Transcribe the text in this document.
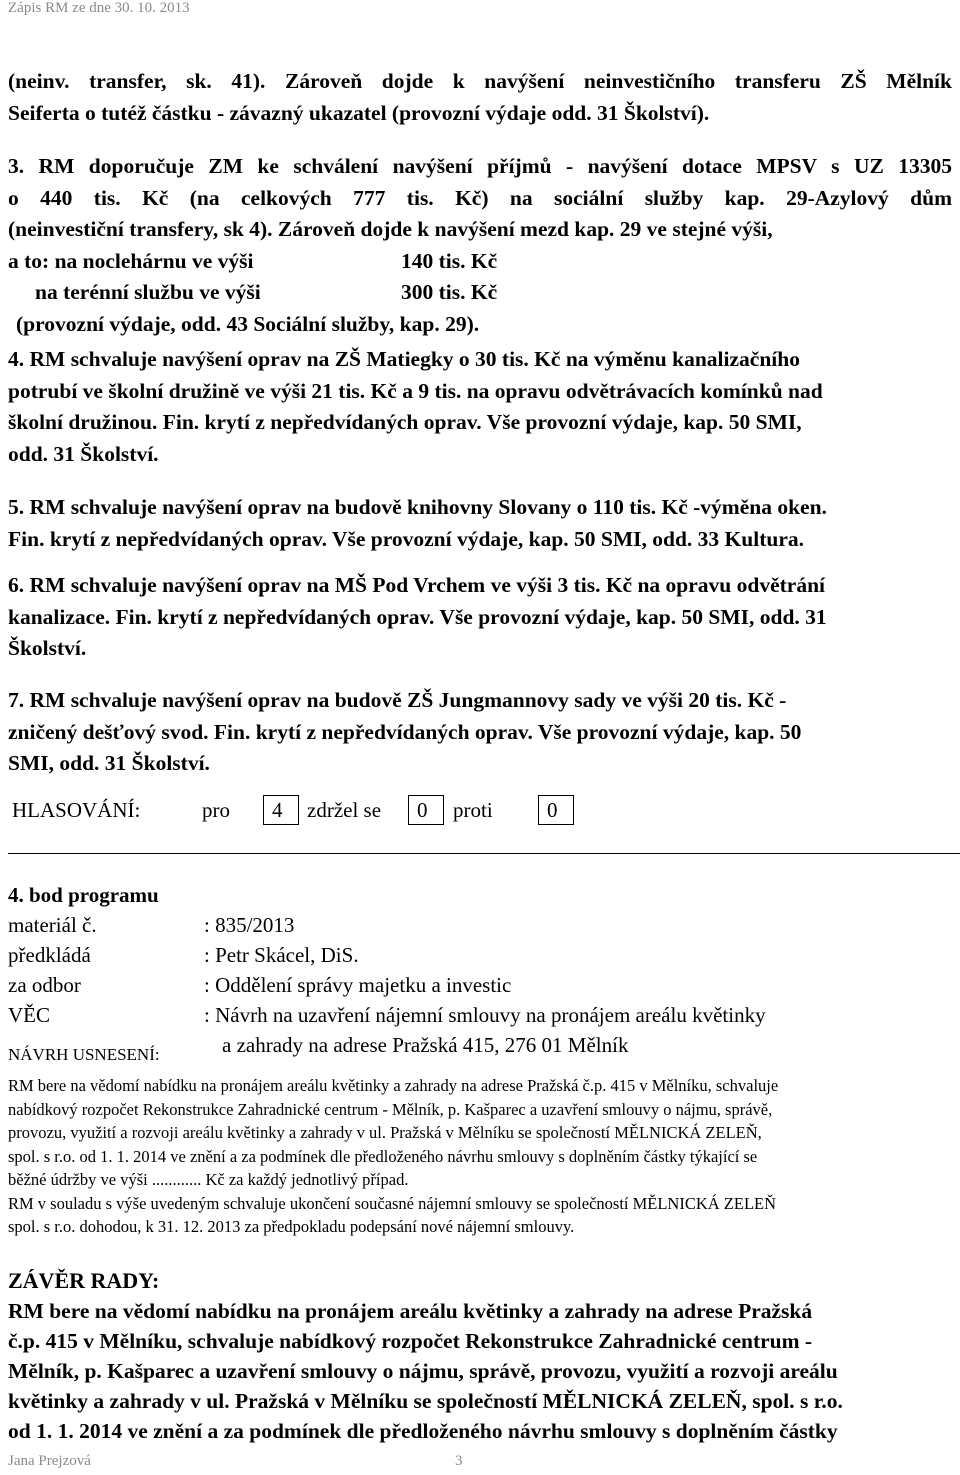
Zápis RM ze dne 30. 10. 2013
(neinv. transfer, sk. 41). Zároveň dojde k navýšení neinvestičního transferu ZŠ Mělník
Seiferta o tutéž částku - závazný ukazatel (provozní výdaje odd. 31 Školství).
3. RM doporučuje ZM ke schválení navýšení příjmů - navýšení dotace MPSV s UZ 13305
o 440 tis. Kč (na celkových 777 tis. Kč) na sociální služby kap. 29-Azylový dům
(neinvestiční transfery, sk 4). Zároveň dojde k navýšení mezd kap. 29 ve stejné výši,
a to: na noclehárnu ve výši	140 tis. Kč
na terénní službu ve výši	300 tis. Kč
(provozní výdaje, odd. 43 Sociální služby, kap. 29).
4. RM schvaluje navýšení oprav na ZŠ Matiegky o 30 tis. Kč na výměnu kanalizačního
potrubí ve školní družině ve výši 21 tis. Kč a 9 tis. na opravu odvětrávacích komínků nad
školní družinou. Fin. krytí z nepředvídaných oprav. Vše provozní výdaje, kap. 50 SMI,
odd. 31 Školství.
5. RM schvaluje navýšení oprav na budově knihovny Slovany o 110 tis. Kč -výměna oken.
Fin. krytí z nepředvídaných oprav. Vše provozní výdaje, kap. 50 SMI, odd. 33 Kultura.
6. RM schvaluje navýšení oprav na MŠ Pod Vrchem ve výši 3 tis. Kč na opravu odvětrání
kanalizace. Fin. krytí z nepředvídaných oprav. Vše provozní výdaje, kap. 50 SMI, odd. 31
Školství.
7. RM schvaluje navýšení oprav na budově ZŠ Jungmannovy sady ve výši 20 tis. Kč -
zničený dešťový svod. Fin. krytí z nepředvídaných oprav. Vše provozní výdaje, kap. 50
SMI, odd. 31 Školství.
HLASOVÁNÍ:	pro	4	zdržel se	0	proti	0
4. bod programu
materiál č.	: 835/2013
předkládá	: Petr Skácel, DiS.
za odbor	: Oddělení správy majetku a investic
VĚC	: Návrh na uzavření nájemní smlouvy na pronájem areálu květinky
a zahrady na adrese Pražská 415, 276 01 Mělník
NÁVRH USNESENÍ:
RM bere na vědomí nabídku na pronájem areálu květinky a zahrady na adrese Pražská č.p. 415 v Mělníku, schvaluje
nabídkový rozpočet Rekonstrukce Zahradnické centrum - Mělník, p. Kašparec a uzavření smlouvy o nájmu, správě,
provozu, využití a rozvoji areálu květinky a zahrady v ul. Pražská v Mělníku se společností MĚLNICKÁ ZELEŇ,
spol. s r.o. od 1. 1. 2014 ve znění a za podmínek dle předloženého návrhu smlouvy s doplněním částky týkající se
běžné údržby ve výši ............ Kč za každý jednotlivý případ.
RM v souladu s výše uvedeným schvaluje ukončení současné nájemní smlouvy se společností MĚLNICKÁ ZELEŇ
spol. s r.o. dohodou, k 31. 12. 2013 za předpokladu podepsání nové nájemní smlouvy.
ZÁVĚR RADY:
RM bere na vědomí nabídku na pronájem areálu květinky a zahrady na adrese Pražská
č.p. 415 v Mělníku, schvaluje nabídkový rozpočet Rekonstrukce Zahradnické centrum -
Mělník, p. Kašparec a uzavření smlouvy o nájmu, správě, provozu, využití a rozvoji areálu
květinky a zahrady v ul. Pražská v Mělníku se společností MĚLNICKÁ ZELEŇ, spol. s r.o.
od 1. 1. 2014 ve znění a za podmínek dle předloženého návrhu smlouvy s doplněním částky
Jana Prejzová	3
